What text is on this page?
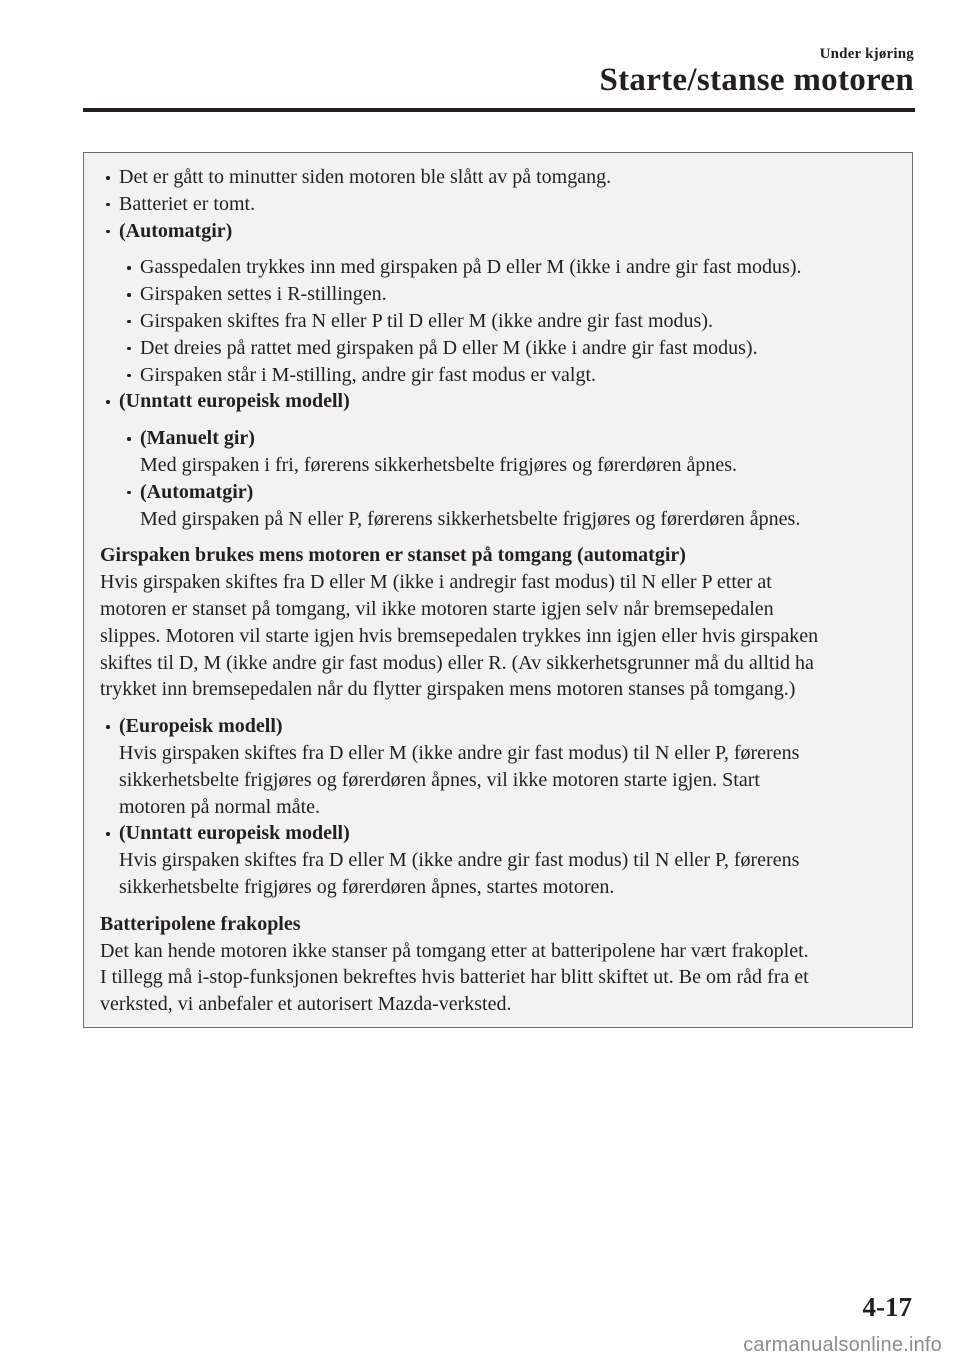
Under kjøring
Starte/stanse motoren
Det er gått to minutter siden motoren ble slått av på tomgang.
Batteriet er tomt.
(Automatgir)
Gasspedalen trykkes inn med girspaken på D eller M (ikke i andre gir fast modus).
Girspaken settes i R-stillingen.
Girspaken skiftes fra N eller P til D eller M (ikke andre gir fast modus).
Det dreies på rattet med girspaken på D eller M (ikke i andre gir fast modus).
Girspaken står i M-stilling, andre gir fast modus er valgt.
(Unntatt europeisk modell)
(Manuelt gir)
Med girspaken i fri, førerens sikkerhetsbelte frigjøres og førerdøren åpnes.
(Automatgir)
Med girspaken på N eller P, førerens sikkerhetsbelte frigjøres og førerdøren åpnes.
Girspaken brukes mens motoren er stanset på tomgang (automatgir)
Hvis girspaken skiftes fra D eller M (ikke i andregir fast modus) til N eller P etter at
motoren er stanset på tomgang, vil ikke motoren starte igjen selv når bremsepedalen
slippes. Motoren vil starte igjen hvis bremsepedalen trykkes inn igjen eller hvis girspaken
skiftes til D, M (ikke andre gir fast modus) eller R. (Av sikkerhetsgrunner må du alltid ha
trykket inn bremsepedalen når du flytter girspaken mens motoren stanses på tomgang.)
(Europeisk modell)
Hvis girspaken skiftes fra D eller M (ikke andre gir fast modus) til N eller P, førerens
sikkerhetsbelte frigjøres og førerdøren åpnes, vil ikke motoren starte igjen. Start
motoren på normal måte.
(Unntatt europeisk modell)
Hvis girspaken skiftes fra D eller M (ikke andre gir fast modus) til N eller P, førerens
sikkerhetsbelte frigjøres og førerdøren åpnes, startes motoren.
Batteripolene frakoples
Det kan hende motoren ikke stanser på tomgang etter at batteripolene har vært frakoplet.
I tillegg må i-stop-funksjonen bekreftes hvis batteriet har blitt skiftet ut. Be om råd fra et
verksted, vi anbefaler et autorisert Mazda-verksted.
4-17
carmanualsonline.info
